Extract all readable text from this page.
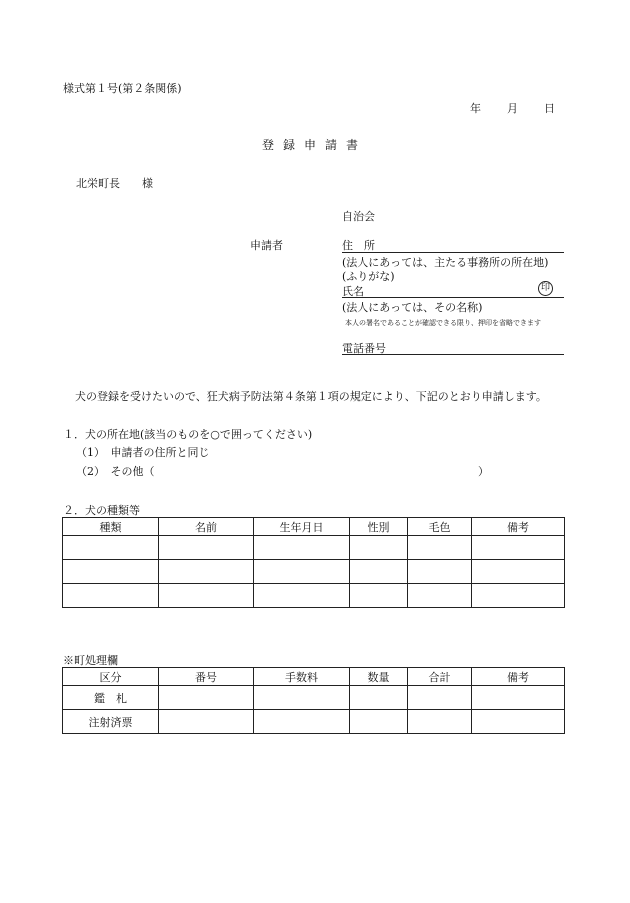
様式第１号(第２条関係)
年 月 日
登録申請書
北栄町長　　様
自治会
申請者	住　所
(法人にあっては、主たる事務所の所在地)
(ふりがな)
氏名	印
(法人にあっては、その名称)
本人の署名であることが確認できる限り、押印を省略できます
電話番号
犬の登録を受けたいので、狂犬病予防法第４条第１項の規定により、下記のとおり申請します。
１．犬の所在地(該当のものを○で囲ってください)
（1）　申請者の住所と同じ
（2）　その他（	）
２．犬の種類等
種類	名前	生年月日	性別	毛色	備考

※町処理欄
区分	番号	手数料	数量	合計	備考
鑑　札					
注射済票					
